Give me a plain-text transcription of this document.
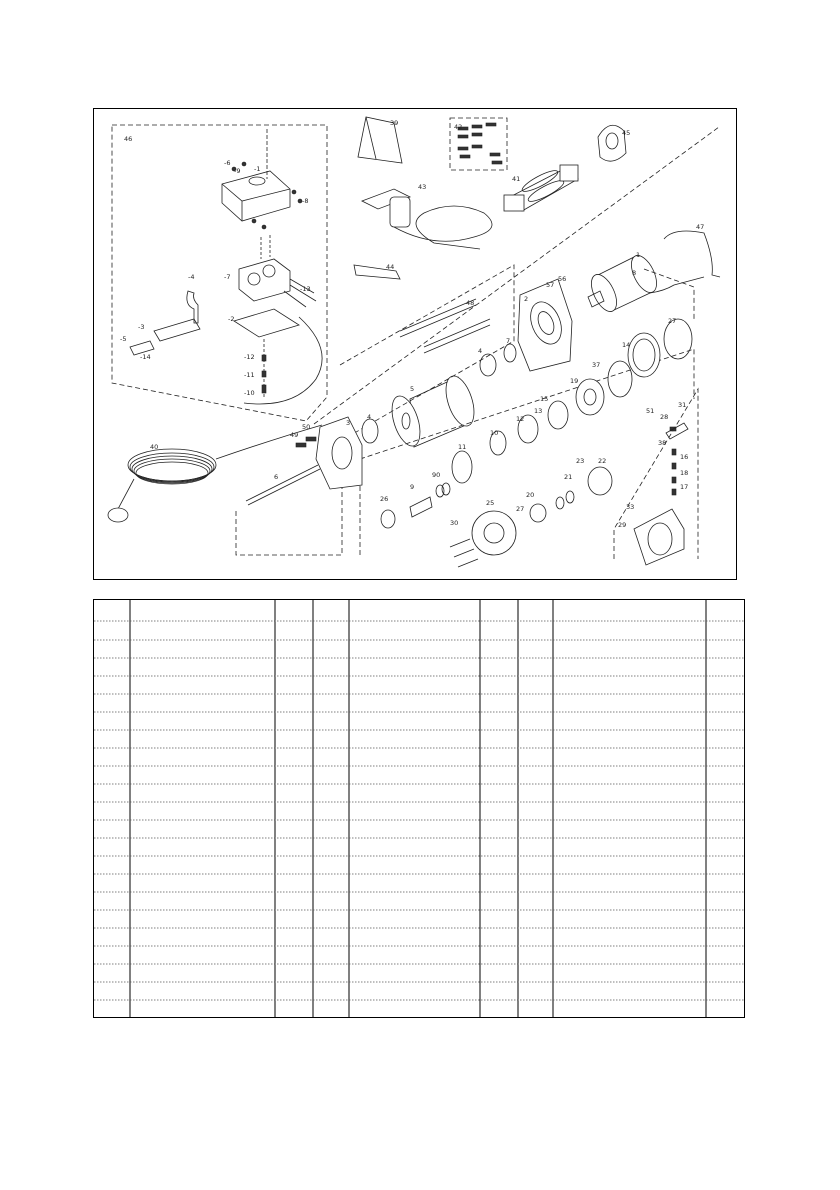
1
2
3
4
4
5
6
7
8
9
10
11
12
13
14
15
16
17
18
19
20
21
22
23
25
26
27
27
28
29
30
31
33
37
38
39
40
41
42
43
44
45
46
47
48
49
50
51
56
57
90
-1
-2
-3
-4
-5
-6
-7
-8
-9
-10
-11
-12
-13
-14
